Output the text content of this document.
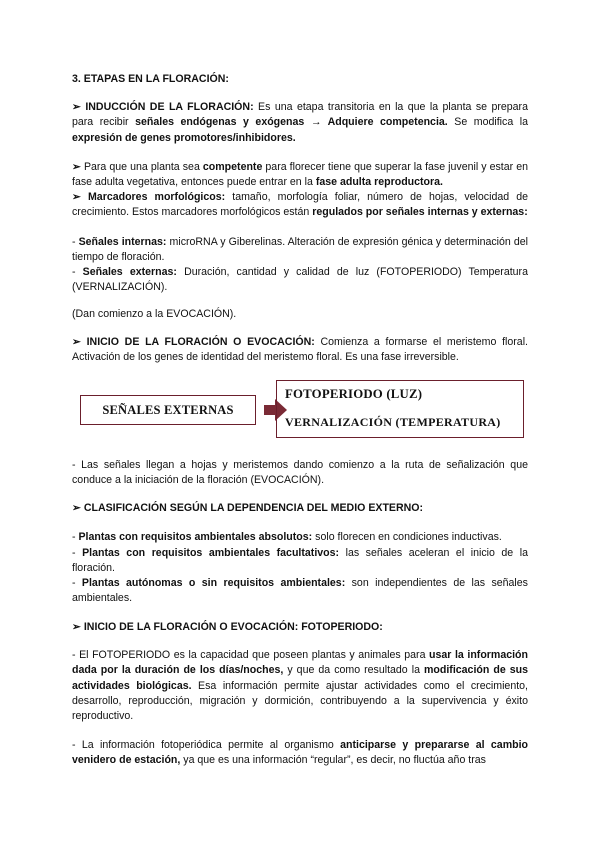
3. ETAPAS EN LA FLORACIÓN:
➢ INDUCCIÓN DE LA FLORACIÓN: Es una etapa transitoria en la que la planta se prepara para recibir señales endógenas y exógenas → Adquiere competencia. Se modifica la expresión de genes promotores/inhibidores.
➢ Para que una planta sea competente para florecer tiene que superar la fase juvenil y estar en fase adulta vegetativa, entonces puede entrar en la fase adulta reproductora.
➢ Marcadores morfológicos: tamaño, morfología foliar, número de hojas, velocidad de crecimiento. Estos marcadores morfológicos están regulados por señales internas y externas:
- Señales internas: microRNA y Giberelinas. Alteración de expresión génica y determinación del tiempo de floración.
- Señales externas: Duración, cantidad y calidad de luz (FOTOPERIODO) Temperatura (VERNALIZACIÓN).
(Dan comienzo a la EVOCACIÓN).
➢ INICIO DE LA FLORACIÓN O EVOCACIÓN: Comienza a formarse el meristemo floral. Activación de los genes de identidad del meristemo floral. Es una fase irreversible.
SEÑALES EXTERNAS
FOTOPERIODO (LUZ)
VERNALIZACIÓN (TEMPERATURA)
- Las señales llegan a hojas y meristemos dando comienzo a la ruta de señalización que conduce a la iniciación de la floración (EVOCACIÓN).
➢ CLASIFICACIÓN SEGÚN LA DEPENDENCIA DEL MEDIO EXTERNO:
- Plantas con requisitos ambientales absolutos: solo florecen en condiciones inductivas.
- Plantas con requisitos ambientales facultativos: las señales aceleran el inicio de la floración.
- Plantas autónomas o sin requisitos ambientales: son independientes de las señales ambientales.
➢ INICIO DE LA FLORACIÓN O EVOCACIÓN: FOTOPERIODO:
- El FOTOPERIODO es la capacidad que poseen plantas y animales para usar la información dada por la duración de los días/noches, y que da como resultado la modificación de sus actividades biológicas. Esa información permite ajustar actividades como el crecimiento, desarrollo, reproducción, migración y dormición, contribuyendo a la supervivencia y éxito reproductivo.
- La información fotoperiódica permite al organismo anticiparse y prepararse al cambio venidero de estación, ya que es una información “regular”, es decir, no fluctúa año tras
